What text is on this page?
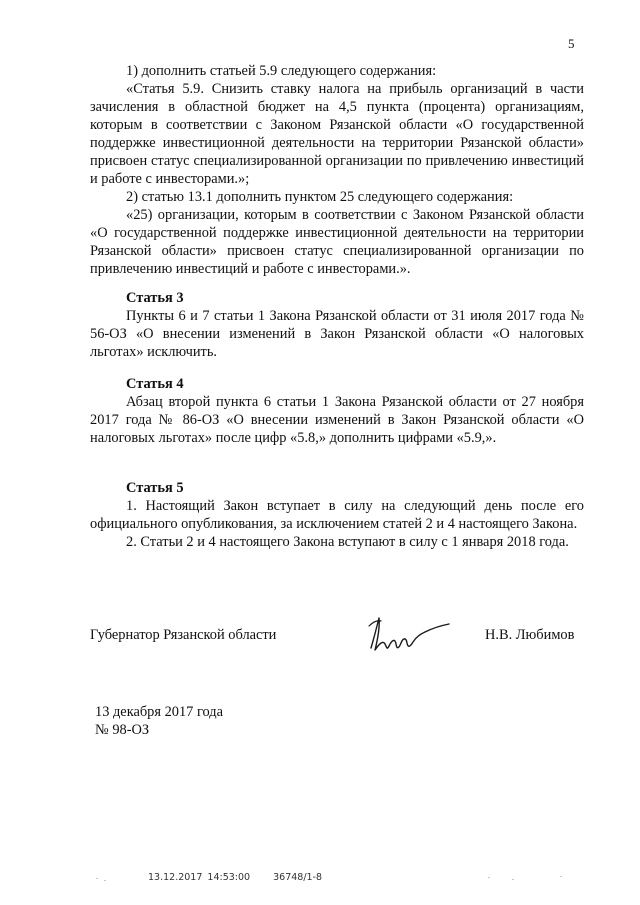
5

1) дополнить статьей 5.9 следующего содержания:

«Статья 5.9. Снизить ставку налога на прибыль организаций в части зачисления в областной бюджет на 4,5 пункта (процента) организациям, которым в соответствии с Законом Рязанской области «О государственной поддержке инвестиционной деятельности на территории Рязанской области» присвоен статус специализированной организации по привлечению инвестиций и работе с инвесторами.»;

2) статью 13.1 дополнить пунктом 25 следующего содержания:

«25) организации, которым в соответствии с Законом Рязанской области «О государственной поддержке инвестиционной деятельности на территории Рязанской области» присвоен статус специализированной организации по привлечению инвестиций и работе с инвесторами.».

Статья 3

Пункты 6 и 7 статьи 1 Закона Рязанской области от 31 июля 2017 года № 56-ОЗ «О внесении изменений в Закон Рязанской области «О налоговых льготах» исключить.

Статья 4

Абзац второй пункта 6 статьи 1 Закона Рязанской области от 27 ноября 2017 года № 86-ОЗ «О внесении изменений в Закон Рязанской области «О налоговых льготах» после цифр «5.8,» дополнить цифрами «5.9,».

Статья 5

1. Настоящий Закон вступает в силу на следующий день после его официального опубликования, за исключением статей 2 и 4 настоящего Закона.

2. Статьи 2 и 4 настоящего Закона вступают в силу с 1 января 2018 года.

Губернатор Рязанской области	Н.В. Любимов
13 декабря 2017 года
№ 98-ОЗ
13.12.2017 14:53:00 36748/1-8
